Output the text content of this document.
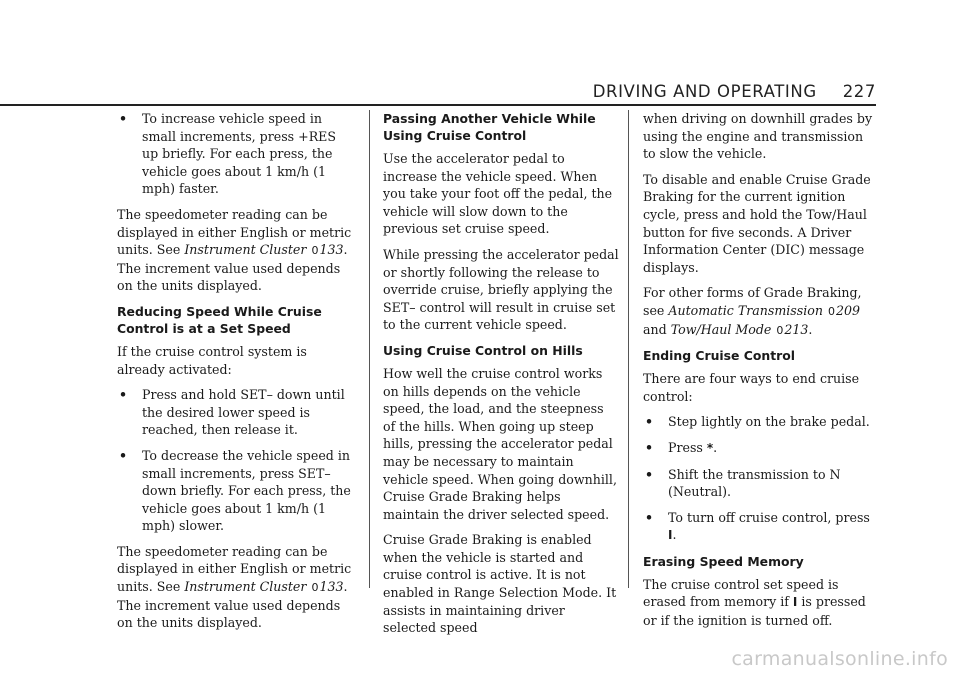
DRIVING AND OPERATING 227
• To increase vehicle speed in small increments, press +RES up briefly. For each press, the vehicle goes about 1 km/h (1 mph) faster.

The speedometer reading can be displayed in either English or metric units. See Instrument Cluster 0133. The increment value used depends on the units displayed.

Reducing Speed While Cruise Control is at a Set Speed

If the cruise control system is already activated:

• Press and hold SET– down until the desired lower speed is reached, then release it.
• To decrease the vehicle speed in small increments, press SET– down briefly. For each press, the vehicle goes about 1 km/h (1 mph) slower.

The speedometer reading can be displayed in either English or metric units. See Instrument Cluster 0133. The increment value used depends on the units displayed.

Passing Another Vehicle While Using Cruise Control

Use the accelerator pedal to increase the vehicle speed. When you take your foot off the pedal, the vehicle will slow down to the previous set cruise speed.

While pressing the accelerator pedal or shortly following the release to override cruise, briefly applying the SET– control will result in cruise set to the current vehicle speed.

Using Cruise Control on Hills

How well the cruise control works on hills depends on the vehicle speed, the load, and the steepness of the hills. When going up steep hills, pressing the accelerator pedal may be necessary to maintain vehicle speed. When going downhill, Cruise Grade Braking helps maintain the driver selected speed.

Cruise Grade Braking is enabled when the vehicle is started and cruise control is active. It is not enabled in Range Selection Mode. It assists in maintaining driver selected speed

when driving on downhill grades by using the engine and transmission to slow the vehicle.

To disable and enable Cruise Grade Braking for the current ignition cycle, press and hold the Tow/Haul button for five seconds. A Driver Information Center (DIC) message displays.

For other forms of Grade Braking, see Automatic Transmission 0209 and Tow/Haul Mode 0213.

Ending Cruise Control

There are four ways to end cruise control:

• Step lightly on the brake pedal.
• Press *.
• Shift the transmission to N (Neutral).
• To turn off cruise control, press I.
Erasing Speed Memory

The cruise control set speed is erased from memory if I is pressed or if the ignition is turned off.

carmanualsonline.info
